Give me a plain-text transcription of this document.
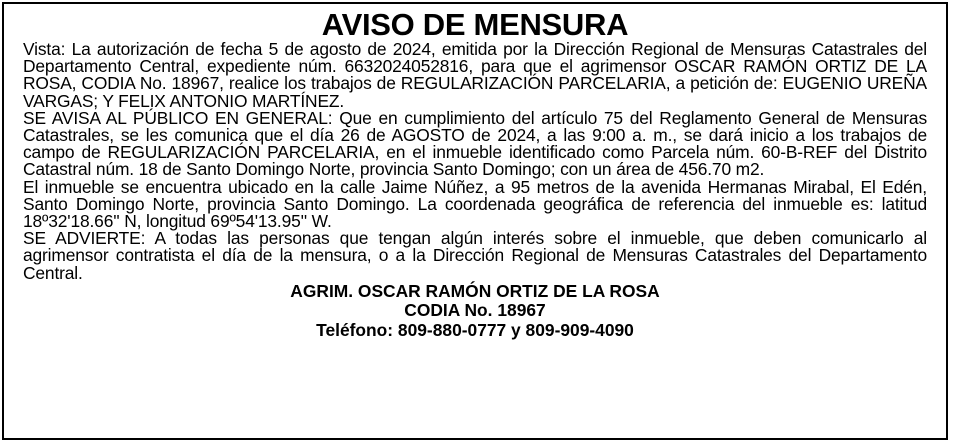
AVISO DE MENSURA

Vista: La autorización de fecha 5 de agosto de 2024, emitida por la Dirección Regional de Mensuras Catastrales del Departamento Central, expediente núm. 6632024052816, para que el agrimensor OSCAR RAMÓN ORTIZ DE LA ROSA, CODIA No. 18967, realice los trabajos de REGULARIZACIÓN PARCELARIA, a petición de: EUGENIO UREÑA VARGAS; Y FELIX ANTONIO MARTÍNEZ.

SE AVISA AL PÚBLICO EN GENERAL: Que en cumplimiento del artículo 75 del Reglamento General de Mensuras Catastrales, se les comunica que el día 26 de AGOSTO de 2024, a las 9:00 a. m., se dará inicio a los trabajos de campo de REGULARIZACIÓN PARCELARIA, en el inmueble identificado como Parcela núm. 60-B-REF del Distrito Catastral núm. 18 de Santo Domingo Norte, provincia Santo Domingo; con un área de 456.70 m2.

El inmueble se encuentra ubicado en la calle Jaime Núñez, a 95 metros de la avenida Hermanas Mirabal, El Edén, Santo Domingo Norte, provincia Santo Domingo. La coordenada geográfica de referencia del inmueble es: latitud 18º32'18.66'' N, longitud 69º54'13.95'' W.

SE ADVIERTE: A todas las personas que tengan algún interés sobre el inmueble, que deben comunicarlo al agrimensor contratista el día de la mensura, o a la Dirección Regional de Mensuras Catastrales del Departamento Central.

AGRIM. OSCAR RAMÓN ORTIZ DE LA ROSA

CODIA No. 18967

Teléfono: 809-880-0777 y 809-909-4090
